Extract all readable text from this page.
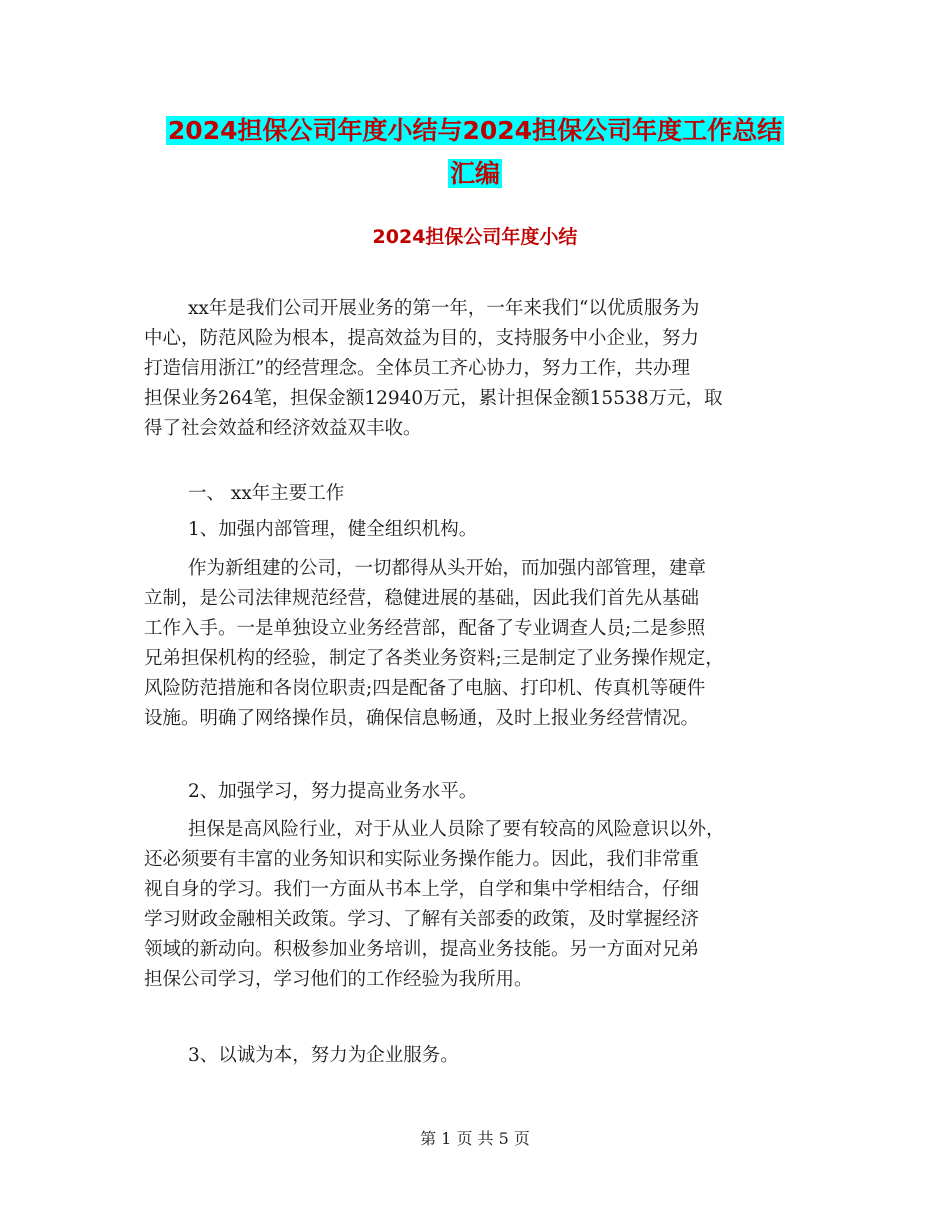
2024担保公司年度小结与2024担保公司年度工作总结
汇编
2024担保公司年度小结
xx年是我们公司开展业务的第一年，一年来我们“以优质服务为
中心，防范风险为根本，提高效益为目的，支持服务中小企业，努力
打造信用浙江”的经营理念。全体员工齐心协力，努力工作，共办理
担保业务264笔，担保金额12940万元，累计担保金额15538万元，取
得了社会效益和经济效益双丰收。
一、 xx年主要工作
1、加强内部管理，健全组织机构。
作为新组建的公司，一切都得从头开始，而加强内部管理，建章
立制，是公司法律规范经营，稳健进展的基础，因此我们首先从基础
工作入手。一是单独设立业务经营部，配备了专业调查人员;二是参照
兄弟担保机构的经验，制定了各类业务资料;三是制定了业务操作规定，
风险防范措施和各岗位职责;四是配备了电脑、打印机、传真机等硬件
设施。明确了网络操作员，确保信息畅通，及时上报业务经营情况。
2、加强学习，努力提高业务水平。
担保是高风险行业，对于从业人员除了要有较高的风险意识以外，
还必须要有丰富的业务知识和实际业务操作能力。因此，我们非常重
视自身的学习。我们一方面从书本上学，自学和集中学相结合，仔细
学习财政金融相关政策。学习、了解有关部委的政策，及时掌握经济
领域的新动向。积极参加业务培训，提高业务技能。另一方面对兄弟
担保公司学习，学习他们的工作经验为我所用。
3、以诚为本，努力为企业服务。
第 1 页 共 5 页
